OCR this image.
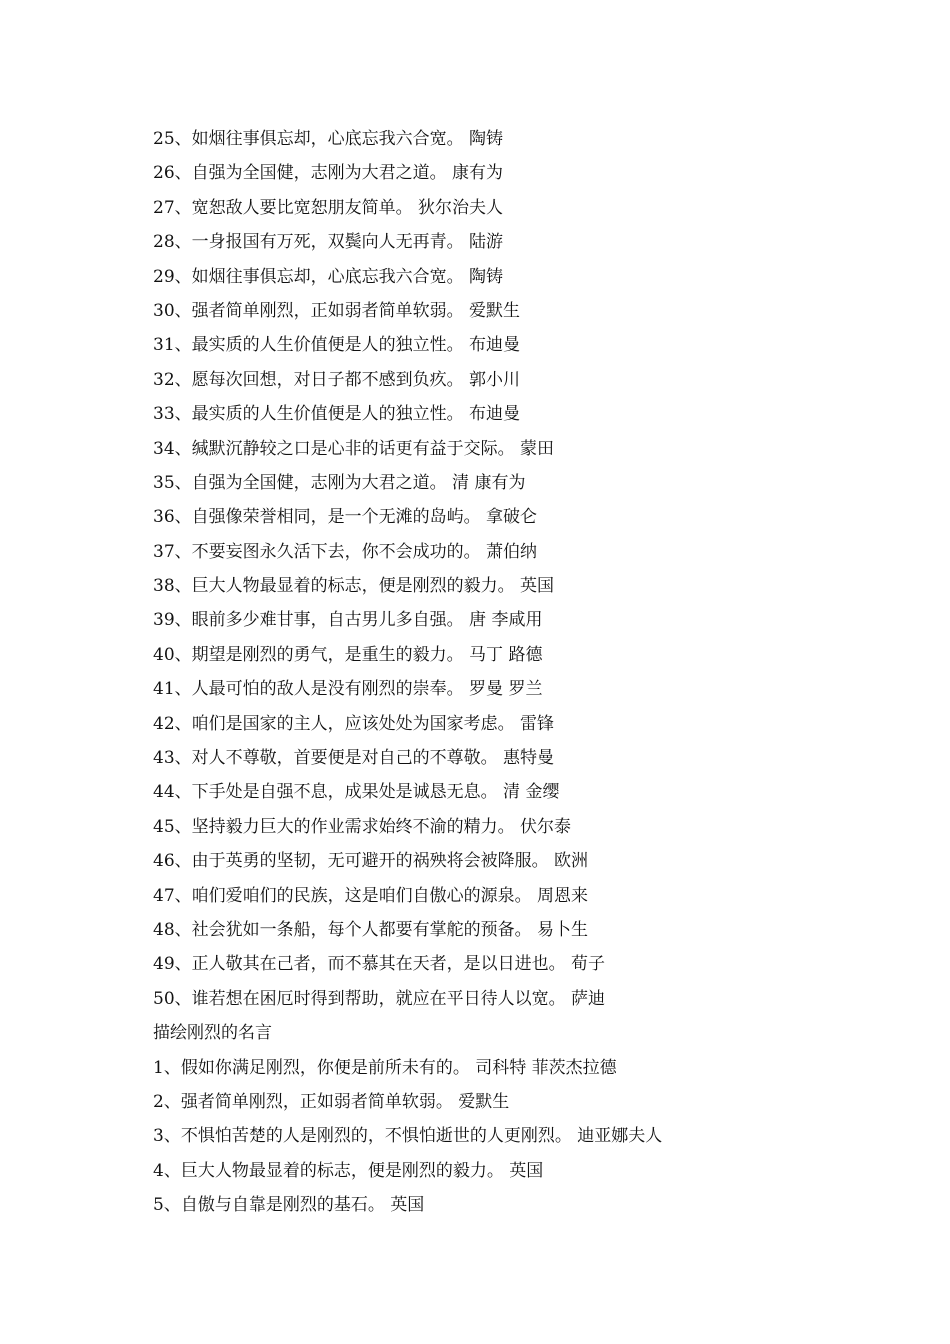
25、如烟往事俱忘却，心底忘我六合宽。 陶铸
26、自强为全国健，志刚为大君之道。 康有为
27、宽恕敌人要比宽恕朋友简单。 狄尔治夫人
28、一身报国有万死，双鬓向人无再青。 陆游
29、如烟往事俱忘却，心底忘我六合宽。 陶铸
30、强者简单刚烈，正如弱者简单软弱。 爱默生
31、最实质的人生价值便是人的独立性。 布迪曼
32、愿每次回想，对日子都不感到负疚。 郭小川
33、最实质的人生价值便是人的独立性。 布迪曼
34、缄默沉静较之口是心非的话更有益于交际。 蒙田
35、自强为全国健，志刚为大君之道。 清 康有为
36、自强像荣誉相同，是一个无滩的岛屿。 拿破仑
37、不要妄图永久活下去，你不会成功的。 萧伯纳
38、巨大人物最显着的标志，便是刚烈的毅力。 英国
39、眼前多少难甘事，自古男儿多自强。 唐 李咸用
40、期望是刚烈的勇气，是重生的毅力。 马丁 路德
41、人最可怕的敌人是没有刚烈的崇奉。 罗曼 罗兰
42、咱们是国家的主人，应该处处为国家考虑。 雷锋
43、对人不尊敬，首要便是对自己的不尊敬。 惠特曼
44、下手处是自强不息，成果处是诚恳无息。 清 金缨
45、坚持毅力巨大的作业需求始终不渝的精力。 伏尔泰
46、由于英勇的坚韧，无可避开的祸殃将会被降服。 欧洲
47、咱们爱咱们的民族，这是咱们自傲心的源泉。 周恩来
48、社会犹如一条船，每个人都要有掌舵的预备。 易卜生
49、正人敬其在己者，而不慕其在天者，是以日进也。 荀子
50、谁若想在困厄时得到帮助，就应在平日待人以宽。 萨迪
描绘刚烈的名言
1、假如你满足刚烈，你便是前所未有的。 司科特 菲茨杰拉德
2、强者简单刚烈，正如弱者简单软弱。 爱默生
3、不惧怕苦楚的人是刚烈的，不惧怕逝世的人更刚烈。 迪亚娜夫人
4、巨大人物最显着的标志，便是刚烈的毅力。 英国
5、自傲与自靠是刚烈的基石。 英国
